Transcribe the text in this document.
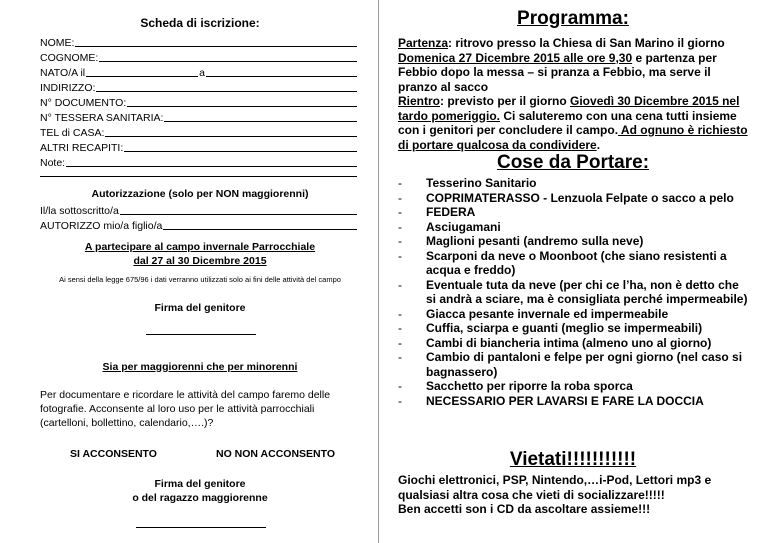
Scheda di iscrizione:
NOME:
COGNOME:
NATO/A il	a
INDIRIZZO:
N° DOCUMENTO:
N° TESSERA SANITARIA:
TEL di CASA:
ALTRI RECAPITI:
Note:
Autorizzazione (solo per NON maggiorenni)
Il/la sottoscritto/a
AUTORIZZO mio/a figlio/a
A partecipare al campo invernale Parrocchiale
dal 27 al 30 Dicembre 2015
Ai sensi della legge 675/96 i dati verranno utilizzati solo ai fini delle attività del campo
Firma del genitore
Sia per maggiorenni che per minorenni
Per documentare e ricordare le attività del campo faremo delle fotografie. Acconsente al loro uso per le attività parrocchiali (cartelloni, bollettino, calendario,….)?
SI ACCONSENTO	NO NON ACCONSENTO
Firma del genitore
o del ragazzo maggiorenne
Programma:
Partenza: ritrovo presso la Chiesa di San Marino il giorno Domenica 27 Dicembre 2015 alle ore 9,30 e partenza per Febbio dopo la messa – si pranza a Febbio, ma serve il pranzo al sacco
Rientro: previsto per il giorno Giovedì 30 Dicembre 2015 nel tardo pomeriggio. Ci saluteremo con una cena tutti insieme con i genitori per concludere il campo. Ad ognuno è richiesto di portare qualcosa da condividere.
Cose da Portare:
-	Tesserino Sanitario
-	COPRIMATERASSO - Lenzuola Felpate o sacco a pelo
-	FEDERA
-	Asciugamani
-	Maglioni pesanti (andremo sulla neve)
-	Scarponi da neve o Moonboot (che siano resistenti a acqua e freddo)
-	Eventuale tuta da neve (per chi ce l’ha, non è detto che si andrà a sciare, ma è consigliata perché impermeabile)
-	Giacca pesante invernale ed impermeabile
-	Cuffia, sciarpa e guanti (meglio se impermeabili)
-	Cambi di biancheria intima (almeno uno al giorno)
-	Cambio di pantaloni e felpe per ogni giorno (nel caso si bagnassero)
-	Sacchetto per riporre la roba sporca
-	NECESSARIO PER LAVARSI E FARE LA DOCCIA
Vietati!!!!!!!!!!!
Giochi elettronici, PSP, Nintendo,…i-Pod, Lettori mp3 e qualsiasi altra cosa che vieti di socializzare!!!!!
Ben accetti son i CD da ascoltare assieme!!!
